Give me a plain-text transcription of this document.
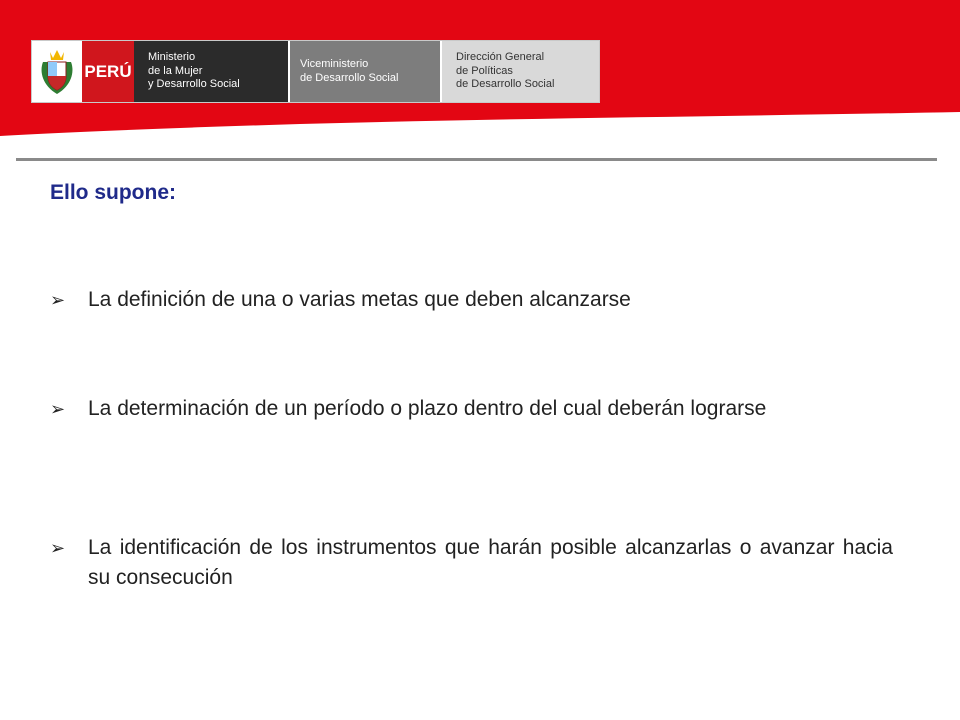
PERÚ
Ministerio
de la Mujer
y Desarrollo Social
Viceministerio
de Desarrollo Social
Dirección General
de Políticas
de Desarrollo Social
Ello supone:
➢	La definición de una o varias metas que deben alcanzarse
➢	La determinación de un período o plazo dentro del cual deberán lograrse
➢	La identificación de los instrumentos que harán posible alcanzarlas o avanzar hacia su consecución
